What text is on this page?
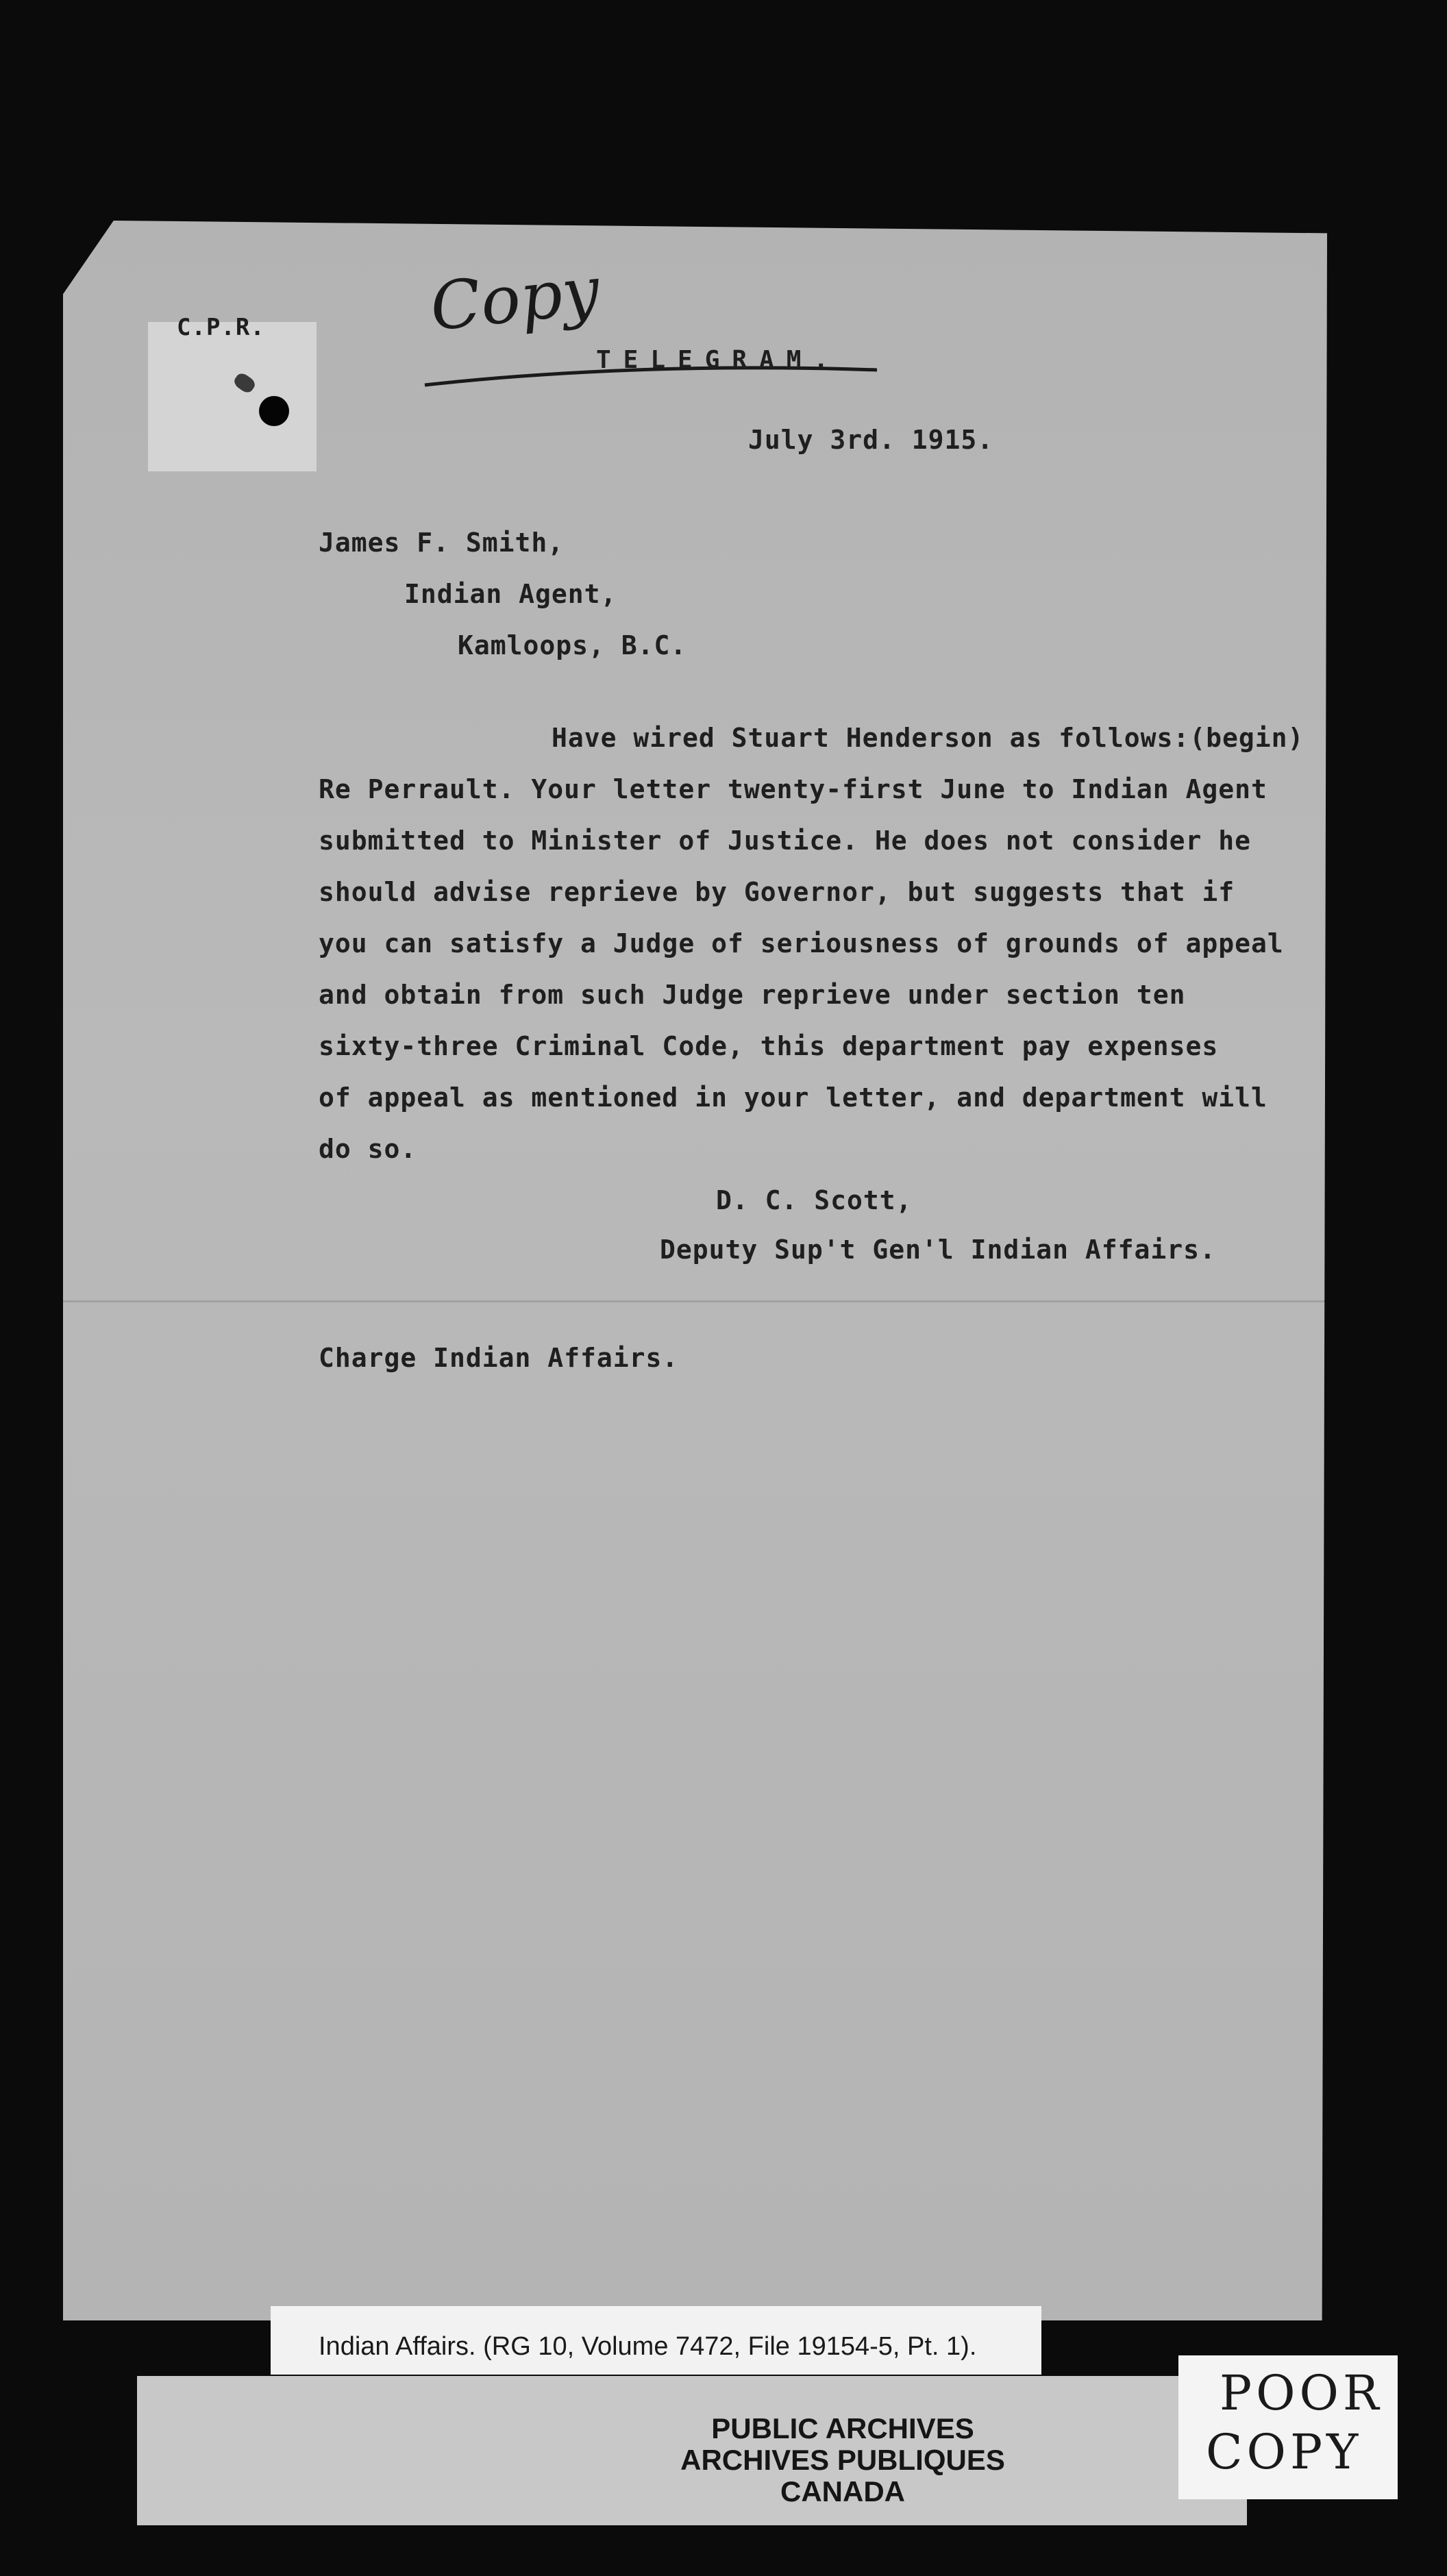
C.P.R. Copy
TELEGRAM.
July 3rd. 1915.
James F. Smith,
Indian Agent,
Kamloops, B.C.
Have wired Stuart Henderson as follows:(begin)
Re Perrault. Your letter twenty-first June to Indian Agent
submitted to Minister of Justice. He does not consider he
should advise reprieve by Governor, but suggests that if
you can satisfy a Judge of seriousness of grounds of appeal
and obtain from such Judge reprieve under section ten
sixty-three Criminal Code, this department pay expenses
of appeal as mentioned in your letter, and department will
do so.
D. C. Scott,
Deputy Sup't Gen'l Indian Affairs.
Charge Indian Affairs.
PUBLIC ARCHIVES
ARCHIVES PUBLIQUES
CANADA
Indian Affairs. (RG 10, Volume 7472, File 19154-5, Pt. 1).
POOR
COPY
